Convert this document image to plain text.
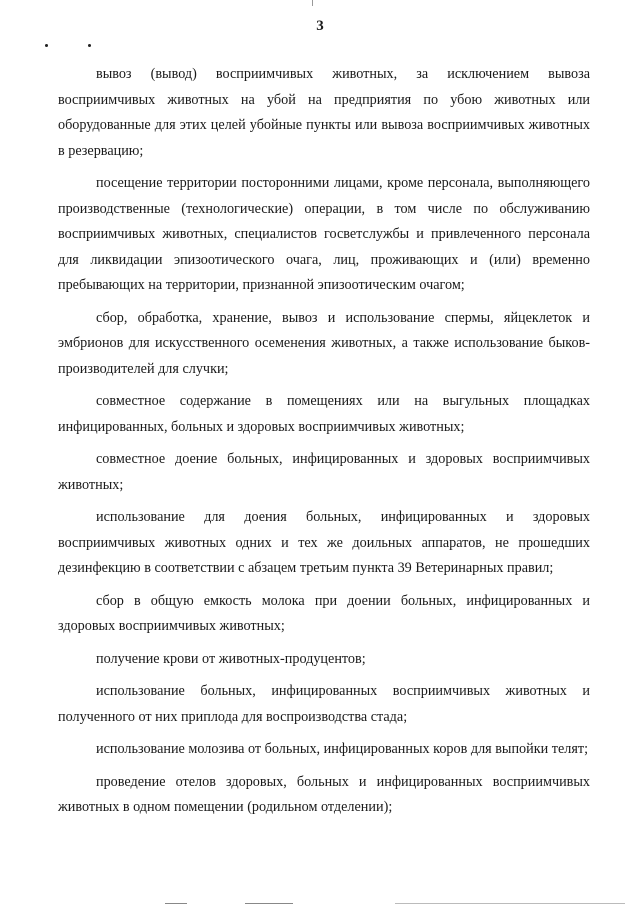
3

вывоз (вывод) восприимчивых животных, за исключением вывоза восприимчивых животных на убой на предприятия по убою животных или оборудованные для этих целей убойные пункты или вывоза восприимчивых животных в резервацию;

посещение территории посторонними лицами, кроме персонала, выполняющего производственные (технологические) операции, в том числе по обслуживанию восприимчивых животных, специалистов госветслужбы и привлеченного персонала для ликвидации эпизоотического очага, лиц, проживающих и (или) временно пребывающих на территории, признанной эпизоотическим очагом;

сбор, обработка, хранение, вывоз и использование спермы, яйцеклеток и эмбрионов для искусственного осеменения животных, а также использование быков-производителей для случки;

совместное содержание в помещениях или на выгульных площадках инфицированных, больных и здоровых восприимчивых животных;

совместное доение больных, инфицированных и здоровых восприимчивых животных;

использование для доения больных, инфицированных и здоровых восприимчивых животных одних и тех же доильных аппаратов, не прошедших дезинфекцию в соответствии с абзацем третьим пункта 39 Ветеринарных правил;

сбор в общую емкость молока при доении больных, инфицированных и здоровых восприимчивых животных;

получение крови от животных-продуцентов;

использование больных, инфицированных восприимчивых животных и полученного от них приплода для воспроизводства стада;

использование молозива от больных, инфицированных коров для выпойки телят;

проведение отелов здоровых, больных и инфицированных восприимчивых животных в одном помещении (родильном отделении);
